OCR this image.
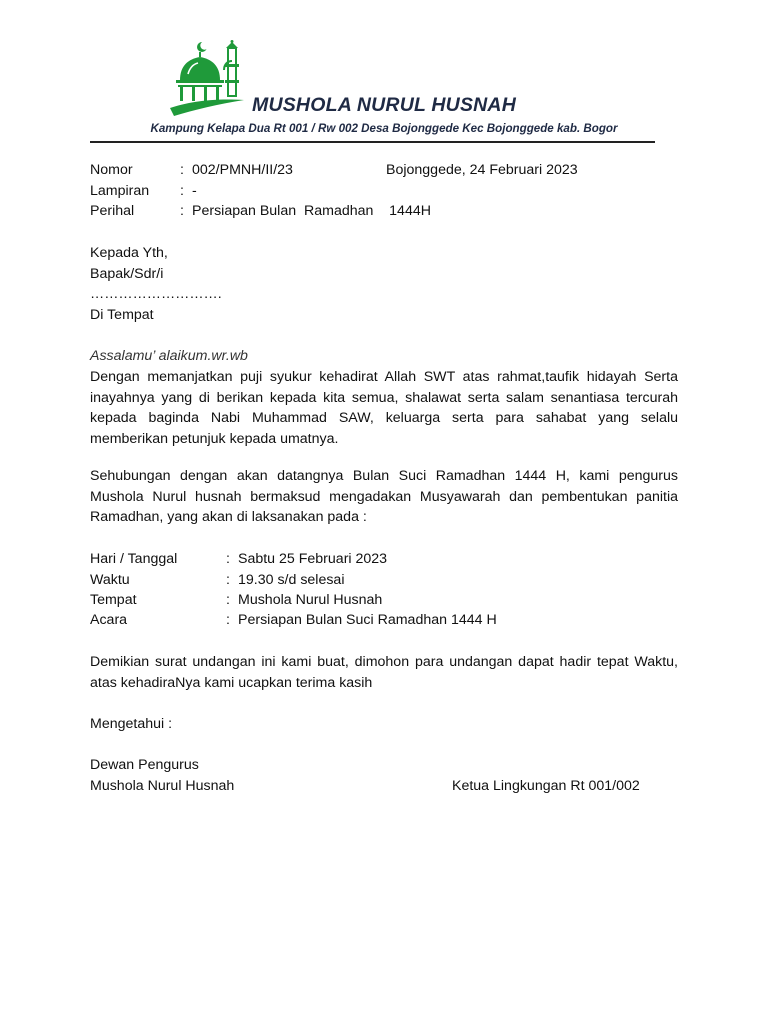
MUSHOLA NURUL HUSNAH
Kampung Kelapa Dua Rt 001 / Rw 002 Desa Bojonggede Kec Bojonggede kab. Bogor
Nomor	: 002/PMNH/II/23	Bojonggede, 24 Februari 2023
Lampiran : -
Perihal	: Persiapan Bulan  Ramadhan    1444H
Kepada Yth,
Bapak/Sdr/i
……………………….
Di Tempat
Assalamu’ alaikum.wr.wb
Dengan memanjatkan puji syukur kehadirat Allah SWT atas rahmat,taufik hidayah Serta inayahnya yang di berikan kepada kita semua, shalawat serta salam senantiasa tercurah kepada baginda Nabi Muhammad SAW, keluarga serta para sahabat yang selalu memberikan petunjuk kepada umatnya.
Sehubungan dengan akan datangnya Bulan Suci Ramadhan 1444 H, kami pengurus Mushola Nurul husnah bermaksud mengadakan Musyawarah dan pembentukan panitia Ramadhan, yang akan di laksanakan pada :
Hari / Tanggal	: Sabtu 25 Februari 2023
Waktu	: 19.30 s/d selesai
Tempat	: Mushola Nurul Husnah
Acara	: Persiapan Bulan Suci Ramadhan 1444 H
Demikian surat undangan ini kami buat, dimohon para undangan dapat hadir tepat Waktu, atas kehadiraNya kami ucapkan terima kasih
Mengetahui :
Dewan Pengurus
Mushola Nurul Husnah	Ketua Lingkungan Rt 001/002
